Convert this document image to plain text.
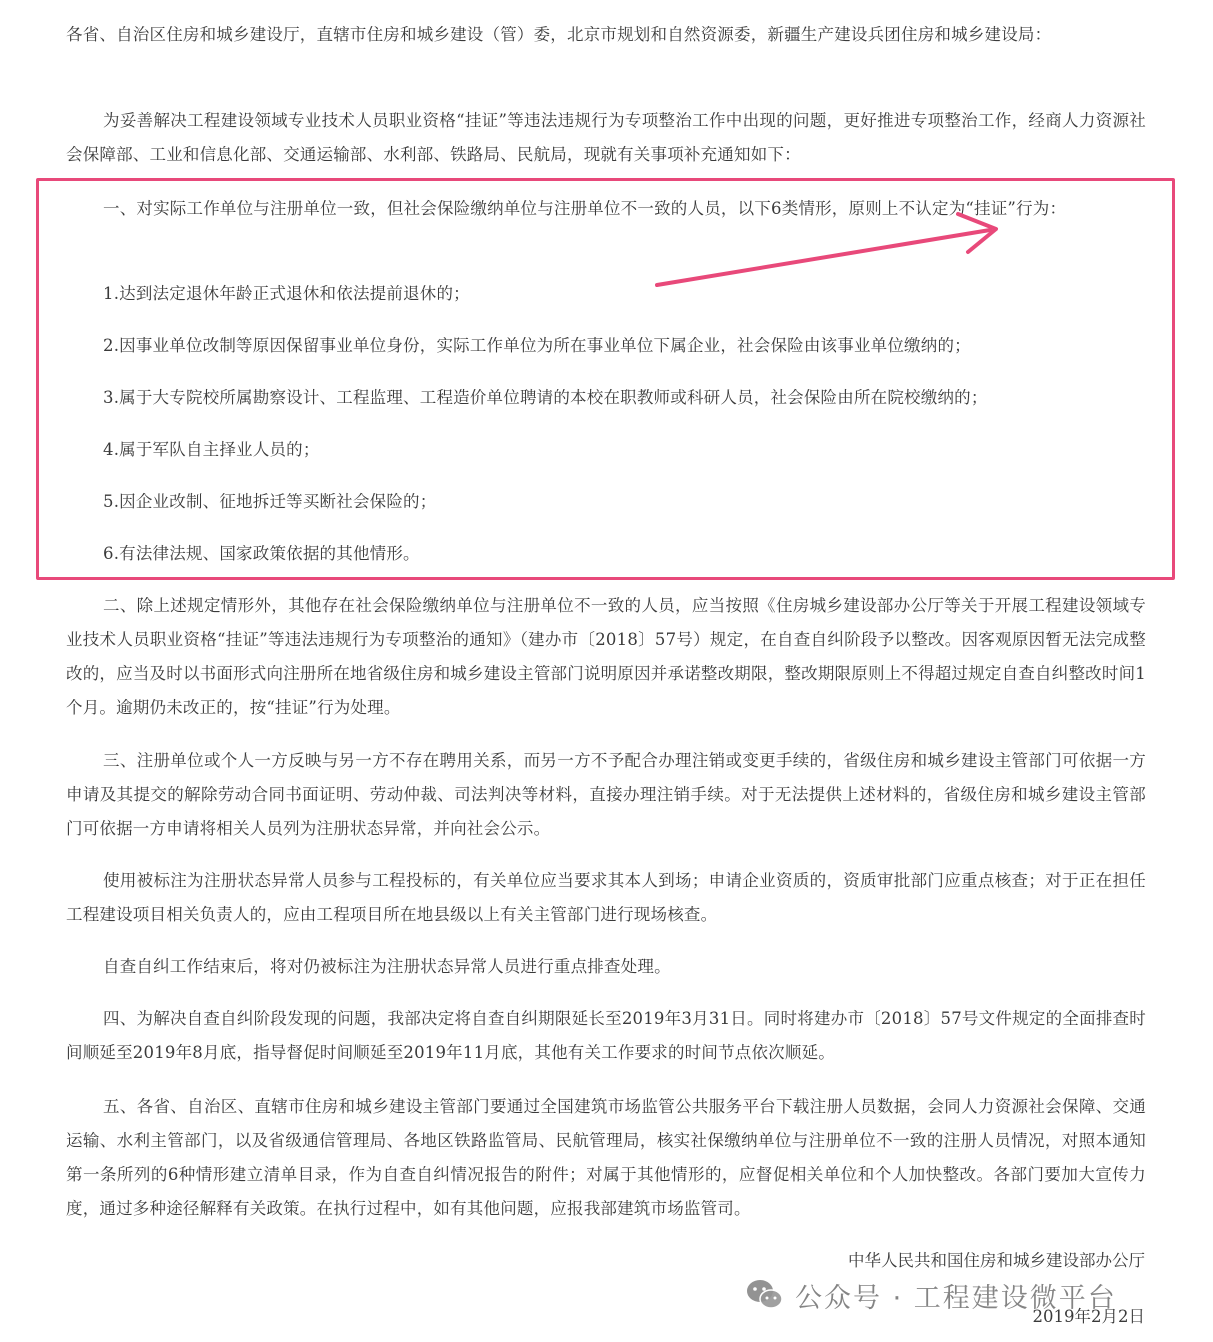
各省、自治区住房和城乡建设厅，直辖市住房和城乡建设（管）委，北京市规划和自然资源委，新疆生产建设兵团住房和城乡建设局：

为妥善解决工程建设领域专业技术人员职业资格“挂证”等违法违规行为专项整治工作中出现的问题，更好推进专项整治工作，经商人力资源社会保障部、工业和信息化部、交通运输部、水利部、铁路局、民航局，现就有关事项补充通知如下：

一、对实际工作单位与注册单位一致，但社会保险缴纳单位与注册单位不一致的人员，以下6类情形，原则上不认定为“挂证”行为：

1.达到法定退休年龄正式退休和依法提前退休的；

2.因事业单位改制等原因保留事业单位身份，实际工作单位为所在事业单位下属企业，社会保险由该事业单位缴纳的；

3.属于大专院校所属勘察设计、工程监理、工程造价单位聘请的本校在职教师或科研人员，社会保险由所在院校缴纳的；

4.属于军队自主择业人员的；

5.因企业改制、征地拆迁等买断社会保险的；

6.有法律法规、国家政策依据的其他情形。

二、除上述规定情形外，其他存在社会保险缴纳单位与注册单位不一致的人员，应当按照《住房城乡建设部办公厅等关于开展工程建设领域专业技术人员职业资格“挂证”等违法违规行为专项整治的通知》（建办市〔2018〕57号）规定，在自查自纠阶段予以整改。因客观原因暂无法完成整改的，应当及时以书面形式向注册所在地省级住房和城乡建设主管部门说明原因并承诺整改期限，整改期限原则上不得超过规定自查自纠整改时间1个月。逾期仍未改正的，按“挂证”行为处理。

三、注册单位或个人一方反映与另一方不存在聘用关系，而另一方不予配合办理注销或变更手续的，省级住房和城乡建设主管部门可依据一方申请及其提交的解除劳动合同书面证明、劳动仲裁、司法判决等材料，直接办理注销手续。对于无法提供上述材料的，省级住房和城乡建设主管部门可依据一方申请将相关人员列为注册状态异常，并向社会公示。

使用被标注为注册状态异常人员参与工程投标的，有关单位应当要求其本人到场；申请企业资质的，资质审批部门应重点核查；对于正在担任工程建设项目相关负责人的，应由工程项目所在地县级以上有关主管部门进行现场核查。

自查自纠工作结束后，将对仍被标注为注册状态异常人员进行重点排查处理。

四、为解决自查自纠阶段发现的问题，我部决定将自查自纠期限延长至2019年3月31日。同时将建办市〔2018〕57号文件规定的全面排查时间顺延至2019年8月底，指导督促时间顺延至2019年11月底，其他有关工作要求的时间节点依次顺延。

五、各省、自治区、直辖市住房和城乡建设主管部门要通过全国建筑市场监管公共服务平台下载注册人员数据，会同人力资源社会保障、交通运输、水利主管部门，以及省级通信管理局、各地区铁路监管局、民航管理局，核实社保缴纳单位与注册单位不一致的注册人员情况，对照本通知第一条所列的6种情形建立清单目录，作为自查自纠情况报告的附件；对属于其他情形的，应督促相关单位和个人加快整改。各部门要加大宣传力度，通过多种途径解释有关政策。在执行过程中，如有其他问题，应报我部建筑市场监管司。

中华人民共和国住房和城乡建设部办公厅

2019年2月2日

公众号 · 工程建设微平台
